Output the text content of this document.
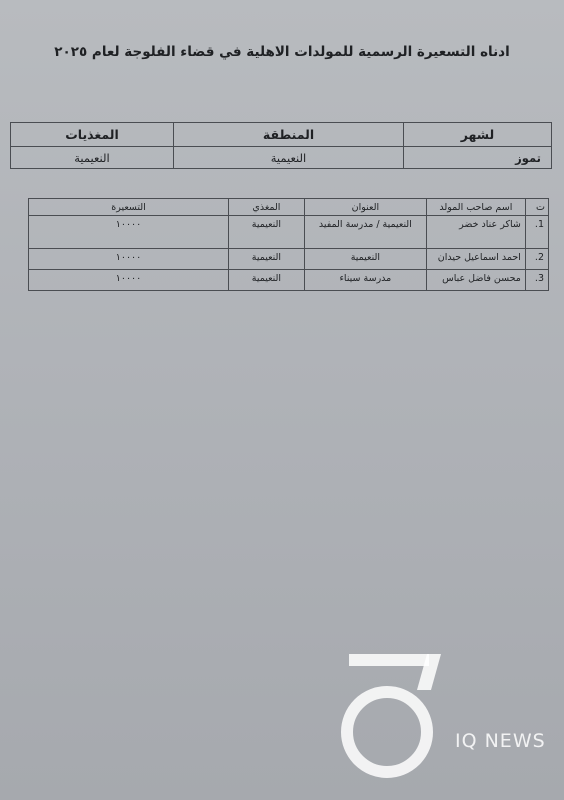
ادناه التسعيرة الرسمية للمولدات الاهلية في قضاء الفلوجة لعام ٢٠٢٥
لشهر	المنطقة	المغذيات
تموز	النعيمية	النعيمية
ت	اسم صاحب المولد	العنوان	المغذي	التسعيرة
1.	شاكر عناد خضر	النعيمية / مدرسة المفيد	النعيمية	١٠٠٠٠
2.	احمد اسماعيل حيدان	النعيمية	النعيمية	١٠٠٠٠
3.	محسن فاضل عباس	مدرسة سيناء	النعيمية	١٠٠٠٠
IQ NEWS
